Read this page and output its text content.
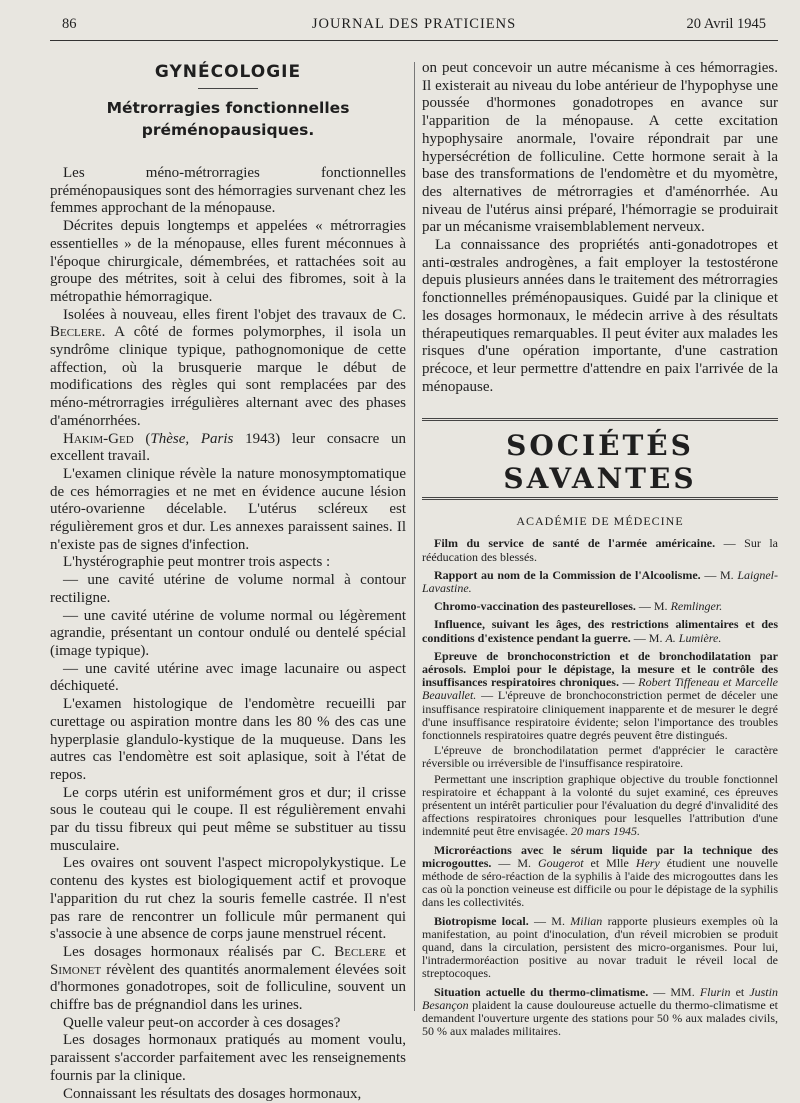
86	JOURNAL DES PRATICIENS	20 Avril 1945
GYNÉCOLOGIE
Métrorragies fonctionnelles
préménopausiques.

Les méno-métrorragies fonctionnelles préménopausiques sont des hémorragies survenant chez les femmes approchant de la ménopause.

Décrites depuis longtemps et appelées « métrorragies essentielles » de la ménopause, elles furent méconnues à l'époque chirurgicale, démembrées, et rattachées soit au groupe des métrites, soit à celui des fibromes, soit à la métropathie hémorragique.

Isolées à nouveau, elles firent l'objet des travaux de C. Beclere. A côté de formes polymorphes, il isola un syndrôme clinique typique, pathognomonique de cette affection, où la brusquerie marque le début de modifications des règles qui sont remplacées par des méno-métrorragies irrégulières alternant avec des phases d'aménorrhées.

Hakim-Ged (Thèse, Paris 1943) leur consacre un excellent travail.

L'examen clinique révèle la nature monosymptomatique de ces hémorragies et ne met en évidence aucune lésion utéro-ovarienne décelable. L'utérus scléreux est régulièrement gros et dur. Les annexes paraissent saines. Il n'existe pas de signes d'infection.

L'hystérographie peut montrer trois aspects :

— une cavité utérine de volume normal à contour rectiligne.

— une cavité utérine de volume normal ou légèrement agrandie, présentant un contour ondulé ou dentelé spécial (image typique).

— une cavité utérine avec image lacunaire ou aspect déchiqueté.

L'examen histologique de l'endomètre recueilli par curettage ou aspiration montre dans les 80 % des cas une hyperplasie glandulo-kystique de la muqueuse. Dans les autres cas l'endomètre est soit aplasique, soit à l'état de repos.

Le corps utérin est uniformément gros et dur; il crisse sous le couteau qui le coupe. Il est régulièrement envahi par du tissu fibreux qui peut même se substituer au tissu musculaire.

Les ovaires ont souvent l'aspect micropolykystique. Le contenu des kystes est biologiquement actif et provoque l'apparition du rut chez la souris femelle castrée. Il n'est pas rare de rencontrer un follicule mûr permanent qui s'associe à une absence de corps jaune menstruel récent.

Les dosages hormonaux réalisés par C. Beclere et Simonet révèlent des quantités anormalement élevées soit d'hormones gonadotropes, soit de folliculine, souvent un chiffre bas de prégnandiol dans les urines.

Quelle valeur peut-on accorder à ces dosages?

Les dosages hormonaux pratiqués au moment voulu, paraissent s'accorder parfaitement avec les renseignements fournis par la clinique.

Connaissant les résultats des dosages hormonaux,

on peut concevoir un autre mécanisme à ces hémorragies. Il existerait au niveau du lobe antérieur de l'hypophyse une poussée d'hormones gonadotropes en avance sur l'apparition de la ménopause. A cette excitation hypophysaire anormale, l'ovaire répondrait par une hypersécrétion de folliculine. Cette hormone serait à la base des transformations de l'endomètre et du myomètre, des alternatives de métrorragies et d'aménorrhée. Au niveau de l'utérus ainsi préparé, l'hémorragie se produirait par un mécanisme vraisemblablement nerveux.

La connaissance des propriétés anti-gonadotropes et anti-œstrales androgènes, a fait employer la testostérone depuis plusieurs années dans le traitement des métrorragies fonctionnelles préménopausiques. Guidé par la clinique et les dosages hormonaux, le médecin arrive à des résultats thérapeutiques remarquables. Il peut éviter aux malades les risques d'une opération importante, d'une castration précoce, et leur permettre d'attendre en paix l'arrivée de la ménopause.

SOCIÉTÉS SAVANTES
ACADÉMIE DE MÉDECINE
Film du service de santé de l'armée américaine. — Sur la rééducation des blessés.
Rapport au nom de la Commission de l'Alcoolisme. — M. Laignel-Lavastine.
Chromo-vaccination des pasteurelloses. — M. Remlinger.
Influence, suivant les âges, des restrictions alimentaires et des conditions d'existence pendant la guerre. — M. A. Lumière.
Epreuve de bronchoconstriction et de bronchodilatation par aérosols. Emploi pour le dépistage, la mesure et le contrôle des insuffisances respiratoires chroniques. — Robert Tiffeneau et Marcelle Beauvallet. — L'épreuve de bronchoconstriction permet de déceler une insuffisance respiratoire cliniquement inapparente et de mesurer le degré d'une insuffisance respiratoire évidente; selon l'importance des troubles fonctionnels respiratoires quatre degrés peuvent être distingués.
L'épreuve de bronchodilatation permet d'apprécier le caractère réversible ou irréversible de l'insuffisance respiratoire.
Permettant une inscription graphique objective du trouble fonctionnel respiratoire et échappant à la volonté du sujet examiné, ces épreuves présentent un intérêt particulier pour l'évaluation du degré d'invalidité des affections respiratoires chroniques pour lesquelles l'attribution d'une indemnité peut être envisagée. 20 mars 1945.
Microréactions avec le sérum liquide par la technique des microgouttes. — M. Gougerot et Mlle Hery étudient une nouvelle méthode de séro-réaction de la syphilis à l'aide des microgouttes dans les cas où la ponction veineuse est difficile ou pour le dépistage de la syphilis dans les collectivités.
Biotropisme local. — M. Milian rapporte plusieurs exemples où la manifestation, au point d'inoculation, d'un réveil microbien se produit quand, dans la circulation, persistent des micro-organismes. Pour lui, l'intradermoréaction positive au novar traduit le réveil local de streptocoques.
Situation actuelle du thermo-climatisme. — MM. Flurin et Justin Besançon plaident la cause douloureuse actuelle du thermo-climatisme et demandent l'ouverture urgente des stations pour 50 % aux malades civils, 50 % aux malades militaires.
